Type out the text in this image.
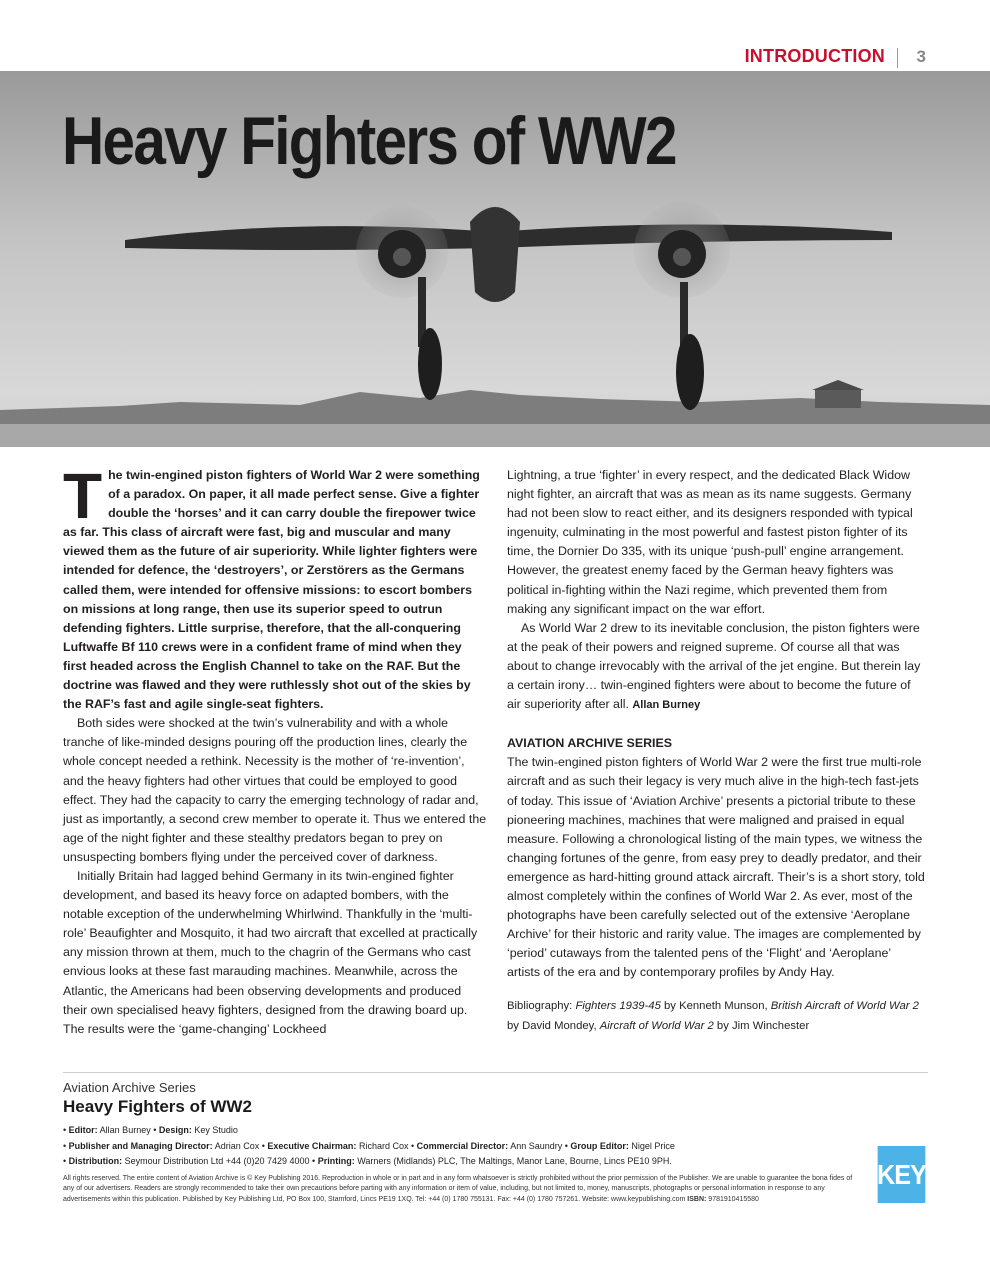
INTRODUCTION 3
Heavy Fighters of WW2

The twin-engined piston fighters of World War 2 were something of a paradox. On paper, it all made perfect sense. Give a fighter double the ‘horses’ and it can carry double the firepower twice as far. This class of aircraft were fast, big and muscular and many viewed them as the future of air superiority. While lighter fighters were intended for defence, the ‘destroyers’, or Zerstörers as the Germans called them, were intended for offensive missions: to escort bombers on missions at long range, then use its superior speed to outrun defending fighters. Little surprise, therefore, that the all-conquering Luftwaffe Bf 110 crews were in a confident frame of mind when they first headed across the English Channel to take on the RAF. But the doctrine was flawed and they were ruthlessly shot out of the skies by the RAF’s fast and agile single-seat fighters.

Both sides were shocked at the twin’s vulnerability and with a whole tranche of like-minded designs pouring off the production lines, clearly the whole concept needed a rethink. Necessity is the mother of ‘re-invention’, and the heavy fighters had other virtues that could be employed to good effect. They had the capacity to carry the emerging technology of radar and, just as importantly, a second crew member to operate it. Thus we entered the age of the night fighter and these stealthy predators began to prey on unsuspecting bombers flying under the perceived cover of darkness.

Initially Britain had lagged behind Germany in its twin-engined fighter development, and based its heavy force on adapted bombers, with the notable exception of the underwhelming Whirlwind. Thankfully in the ‘multi-role’ Beaufighter and Mosquito, it had two aircraft that excelled at practically any mission thrown at them, much to the chagrin of the Germans who cast envious looks at these fast marauding machines. Meanwhile, across the Atlantic, the Americans had been observing developments and produced their own specialised heavy fighters, designed from the drawing board up. The results were the ‘game-changing’ Lockheed

Lightning, a true ‘fighter’ in every respect, and the dedicated Black Widow night fighter, an aircraft that was as mean as its name suggests. Germany had not been slow to react either, and its designers responded with typical ingenuity, culminating in the most powerful and fastest piston fighter of its time, the Dornier Do 335, with its unique ‘push-pull’ engine arrangement. However, the greatest enemy faced by the German heavy fighters was political in-fighting within the Nazi regime, which prevented them from making any significant impact on the war effort.

As World War 2 drew to its inevitable conclusion, the piston fighters were at the peak of their powers and reigned supreme. Of course all that was about to change irrevocably with the arrival of the jet engine. But therein lay a certain irony… twin-engined fighters were about to become the future of air superiority after all. Allan Burney

AVIATION ARCHIVE SERIES

The twin-engined piston fighters of World War 2 were the first true multi-role aircraft and as such their legacy is very much alive in the high-tech fast-jets of today. This issue of ‘Aviation Archive’ presents a pictorial tribute to these pioneering machines, machines that were maligned and praised in equal measure. Following a chronological listing of the main types, we witness the changing fortunes of the genre, from easy prey to deadly predator, and their emergence as hard-hitting ground attack aircraft. Their’s is a short story, told almost completely within the confines of World War 2. As ever, most of the photographs have been carefully selected out of the extensive ‘Aeroplane Archive’ for their historic and rarity value. The images are complemented by ‘period’ cutaways from the talented pens of the ‘Flight’ and ‘Aeroplane’ artists of the era and by contemporary profiles by Andy Hay.

Bibliography: Fighters 1939-45 by Kenneth Munson, British Aircraft of World War 2 by David Mondey, Aircraft of World War 2 by Jim Winchester

Aviation Archive Series
Heavy Fighters of WW2
• Editor: Allan Burney • Design: Key Studio
• Publisher and Managing Director: Adrian Cox • Executive Chairman: Richard Cox • Commercial Director: Ann Saundry • Group Editor: Nigel Price
• Distribution: Seymour Distribution Ltd +44 (0)20 7429 4000 • Printing: Warners (Midlands) PLC, The Maltings, Manor Lane, Bourne, Lincs PE10 9PH.
All rights reserved. The entire content of Aviation Archive is © Key Publishing 2016. Reproduction in whole or in part and in any form whatsoever is strictly prohibited without the prior permission of the Publisher. We are unable to guarantee the bona fides of any of our advertisers. Readers are strongly recommended to take their own precautions before parting with any information or item of value, including, but not limited to, money, manuscripts, photographs or personal information in response to any advertisements within this publication. Published by Key Publishing Ltd, PO Box 100, Stamford, Lincs PE19 1XQ. Tel: +44 (0) 1780 755131. Fax: +44 (0) 1780 757261. Website: www.keypublishing.com ISBN: 9781910415580
KEY
